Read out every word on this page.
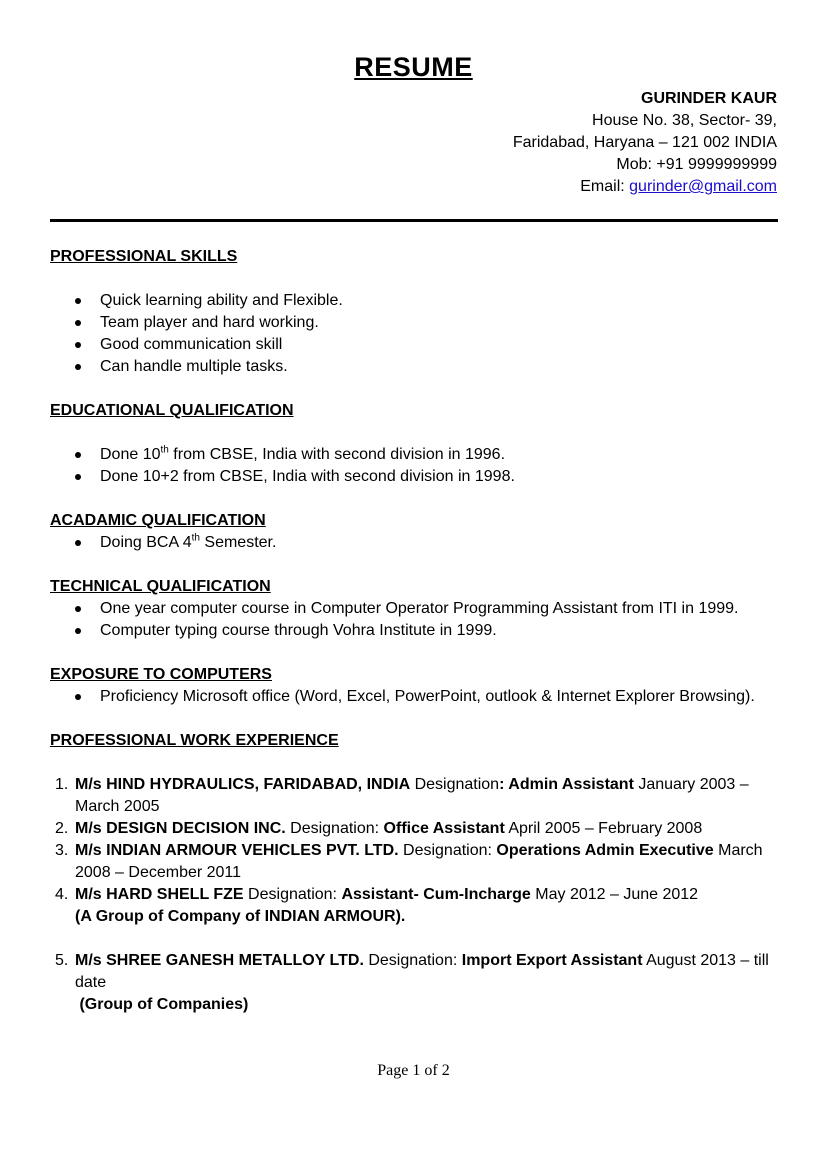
RESUME
GURINDER KAUR
House No. 38, Sector- 39,
Faridabad, Haryana – 121 002 INDIA
Mob: +91 9999999999
Email: gurinder@gmail.com

PROFESSIONAL SKILLS

Quick learning ability and Flexible.
Team player and hard working.
Good communication skill
Can handle multiple tasks.

EDUCATIONAL QUALIFICATION

Done 10th from CBSE, India with second division in 1996.
Done 10+2 from CBSE, India with second division in 1998.

ACADAMIC QUALIFICATION

Doing BCA 4th Semester.

TECHNICAL QUALIFICATION

One year computer course in Computer Operator Programming Assistant from ITI in 1999.
Computer typing course through Vohra Institute in 1999.

EXPOSURE TO COMPUTERS

Proficiency Microsoft office (Word, Excel, PowerPoint, outlook & Internet Explorer Browsing).

PROFESSIONAL WORK EXPERIENCE

1. M/s HIND HYDRAULICS, FARIDABAD, INDIA Designation: Admin Assistant January 2003 – March 2005
2. M/s DESIGN DECISION INC. Designation: Office Assistant April 2005 – February 2008
3. M/s INDIAN ARMOUR VEHICLES PVT. LTD. Designation: Operations Admin Executive March 2008 – December 2011
4. M/s HARD SHELL FZE Designation: Assistant- Cum-Incharge May 2012 – June 2012
(A Group of Company of INDIAN ARMOUR).
5. M/s SHREE GANESH METALLOY LTD. Designation: Import Export Assistant August 2013 – till date
(Group of Companies)
Page 1 of 2
